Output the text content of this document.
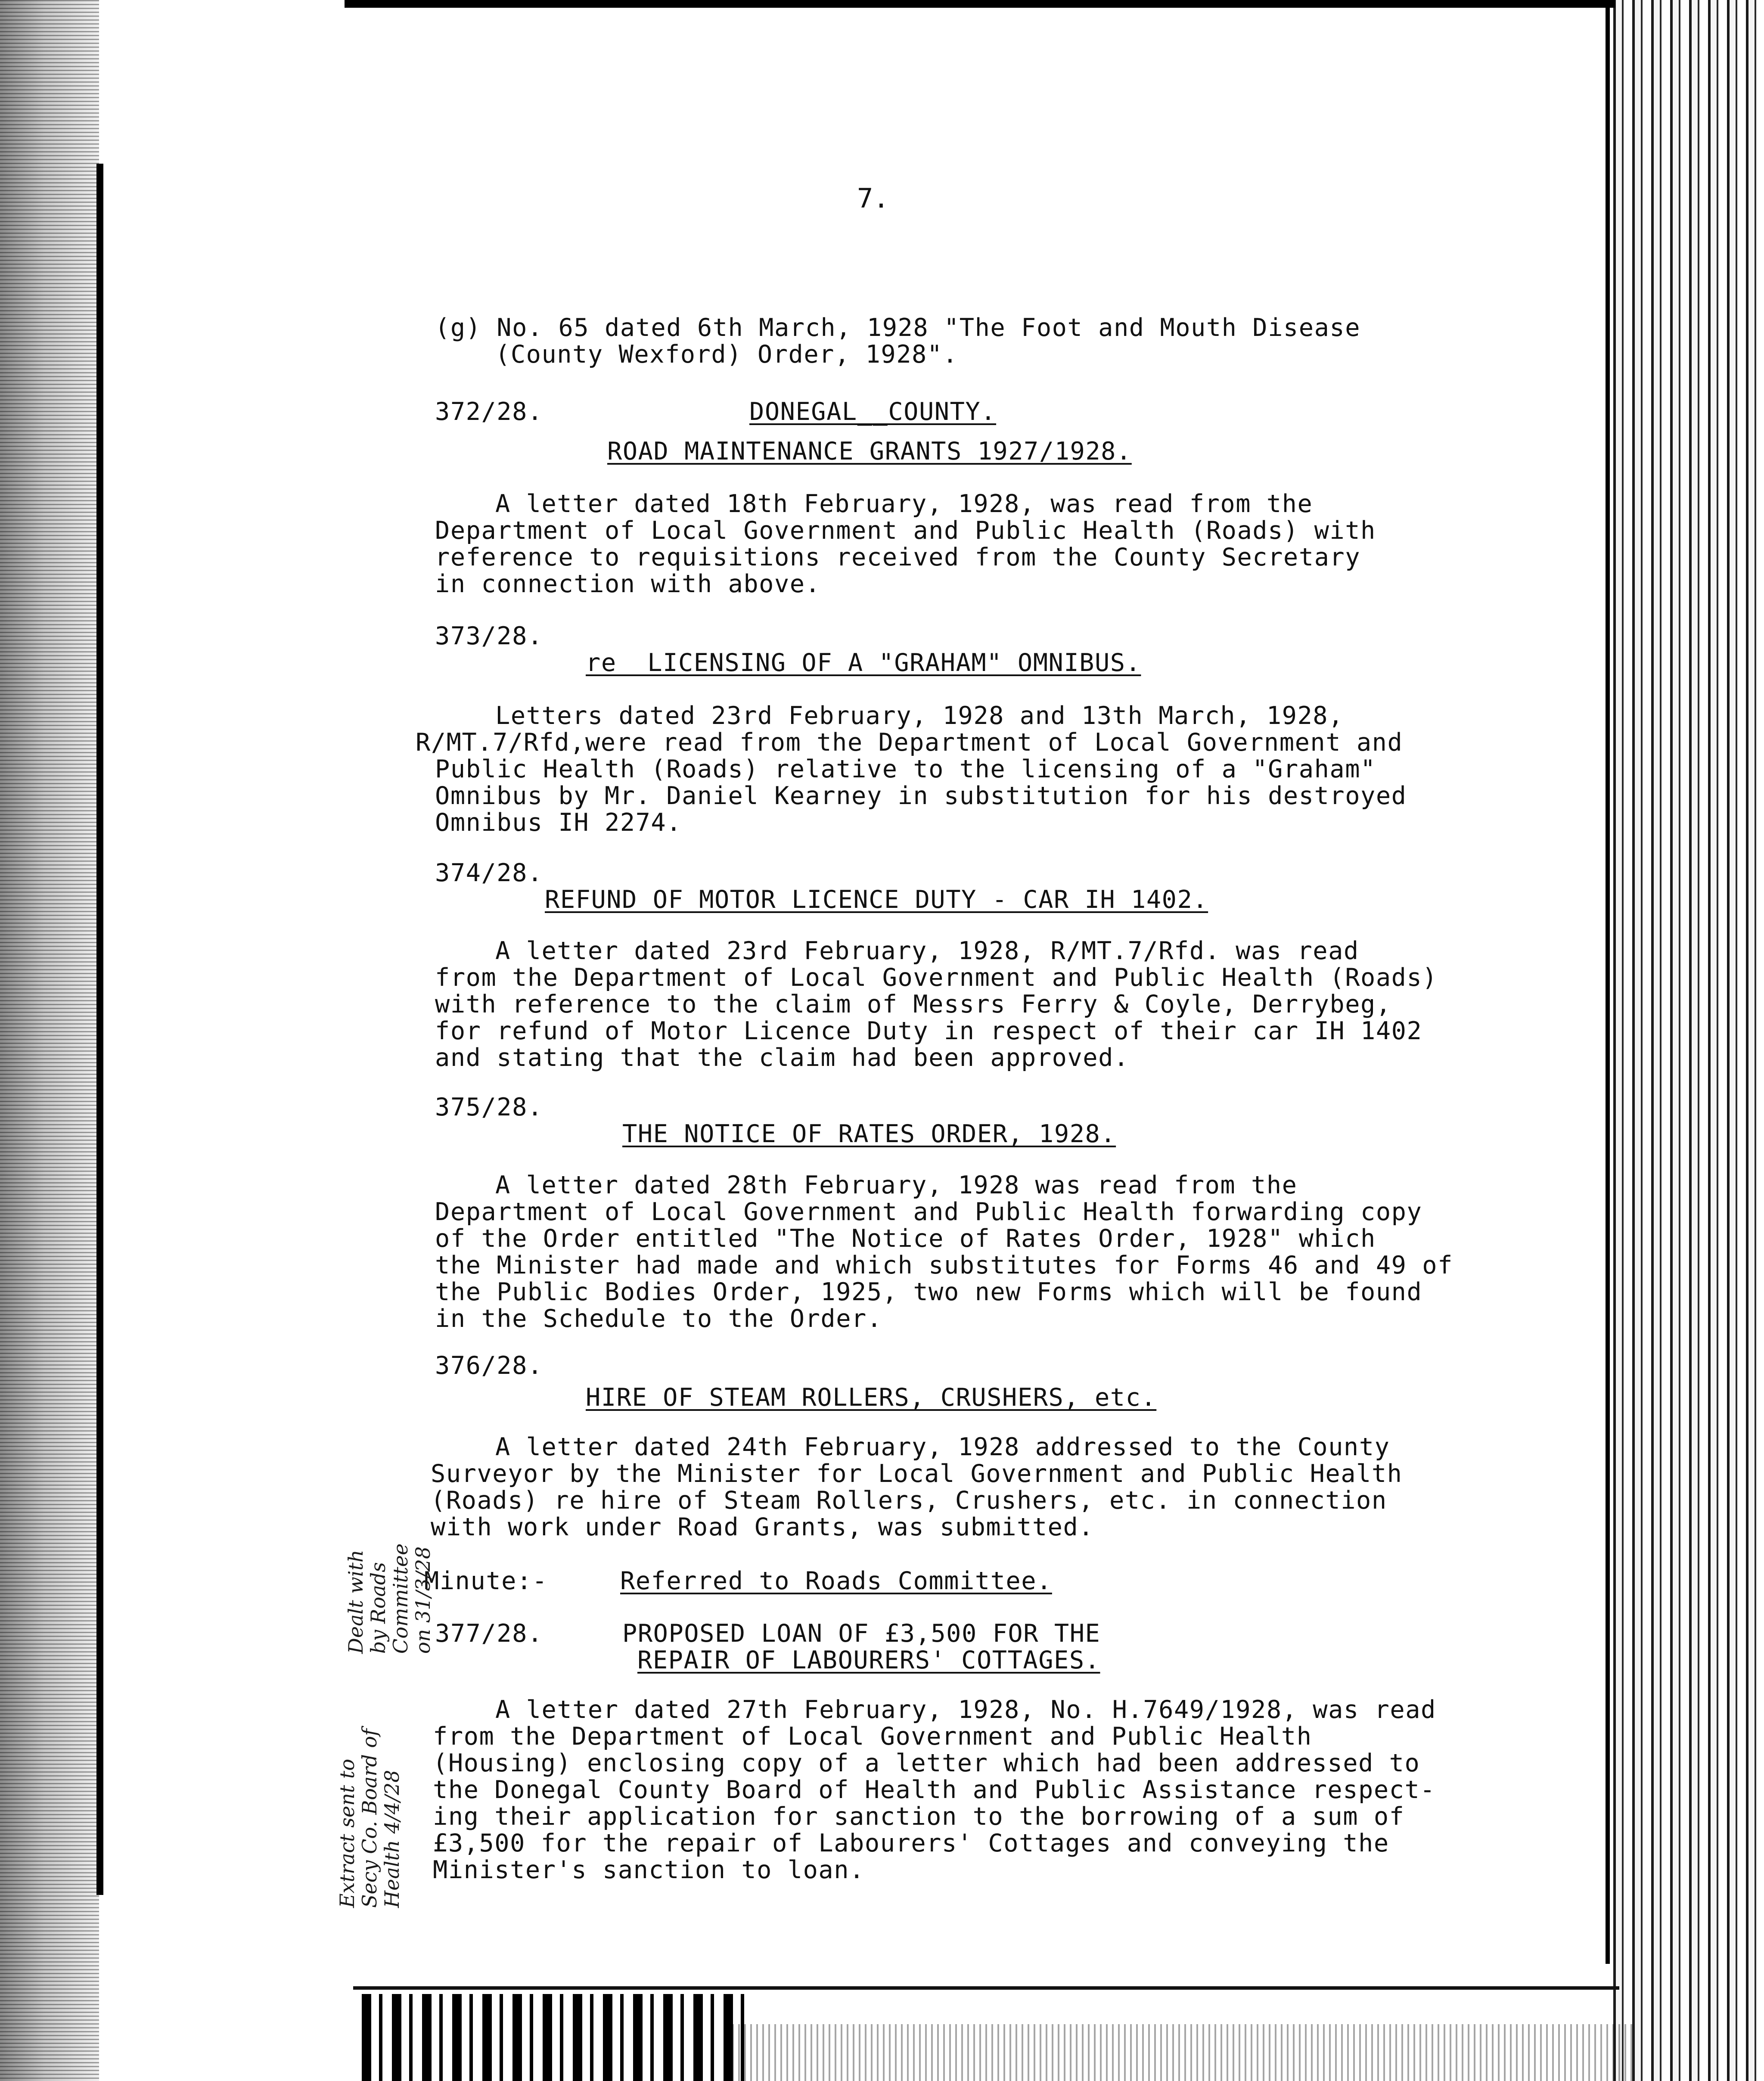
7.
(g) No. 65 dated 6th March, 1928 "The Foot and Mouth Disease
(County Wexford) Order, 1928".
372/28.	DONEGAL__COUNTY.
ROAD MAINTENANCE GRANTS 1927/1928.
A letter dated 18th February, 1928, was read from the
Department of Local Government and Public Health (Roads) with
reference to requisitions received from the County Secretary
in connection with above.
373/28.
re  LICENSING OF A "GRAHAM" OMNIBUS.
Letters dated 23rd February, 1928 and 13th March, 1928,
R/MT.7/Rfd,were read from the Department of Local Government and
Public Health (Roads) relative to the licensing of a "Graham"
Omnibus by Mr. Daniel Kearney in substitution for his destroyed
Omnibus IH 2274.
374/28.
REFUND OF MOTOR LICENCE DUTY - CAR IH 1402.
A letter dated 23rd February, 1928, R/MT.7/Rfd. was read
from the Department of Local Government and Public Health (Roads)
with reference to the claim of Messrs Ferry & Coyle, Derrybeg,
for refund of Motor Licence Duty in respect of their car IH 1402
and stating that the claim had been approved.
375/28.
THE NOTICE OF RATES ORDER, 1928.
A letter dated 28th February, 1928 was read from the
Department of Local Government and Public Health forwarding copy
of the Order entitled "The Notice of Rates Order, 1928" which
the Minister had made and which substitutes for Forms 46 and 49 of
the Public Bodies Order, 1925, two new Forms which will be found
in the Schedule to the Order.
376/28.
HIRE OF STEAM ROLLERS, CRUSHERS, etc.
A letter dated 24th February, 1928 addressed to the County
Surveyor by the Minister for Local Government and Public Health
(Roads) re hire of Steam Rollers, Crushers, etc. in connection
with work under Road Grants, was submitted.
Minute:-	Referred to Roads Committee.
Dealt with
by Roads
Committee
on 31/3/28
377/28.	PROPOSED LOAN OF £3,500 FOR THE
REPAIR OF LABOURERS' COTTAGES.
A letter dated 27th February, 1928, No. H.7649/1928, was read
from the Department of Local Government and Public Health
(Housing) enclosing copy of a letter which had been addressed to
the Donegal County Board of Health and Public Assistance respect-
ing their application for sanction to the borrowing of a sum of
£3,500 for the repair of Labourers' Cottages and conveying the
Minister's sanction to loan.
Extract sent to
Secy Co. Board of
Health 4/4/28
